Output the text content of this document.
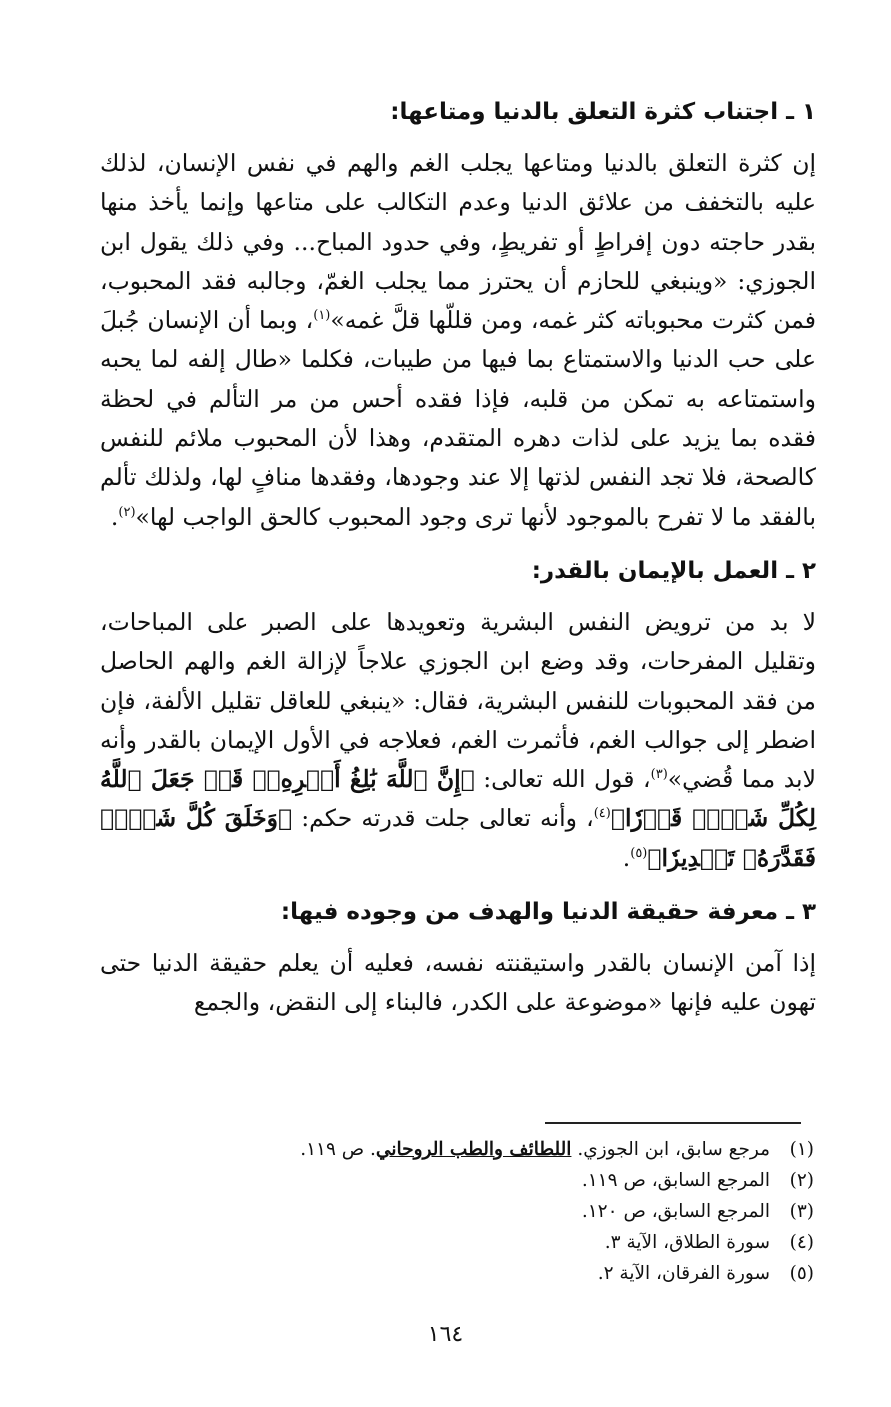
١ ـ اجتناب كثرة التعلق بالدنيا ومتاعها:

إن كثرة التعلق بالدنيا ومتاعها يجلب الغم والهم في نفس الإنسان، لذلك عليه بالتخفف من علائق الدنيا وعدم التكالب على متاعها وإنما يأخذ منها بقدر حاجته دون إفراطٍ أو تفريطٍ، وفي حدود المباح... وفي ذلك يقول ابن الجوزي: «وينبغي للحازم أن يحترز مما يجلب الغمّ، وجالبه فقد المحبوب، فمن كثرت محبوباته كثر غمه، ومن قللّها قلَّ غمه»$^{(١)}$، وبما أن الإنسان جُبلَ على حب الدنيا والاستمتاع بما فيها من طيبات، فكلما «طال إلفه لما يحبه واستمتاعه به تمكن من قلبه، فإذا فقده أحس من مر التألم في لحظة فقده بما يزيد على لذات دهره المتقدم، وهذا لأن المحبوب ملائم للنفس كالصحة، فلا تجد النفس لذتها إلا عند وجودها، وفقدها منافٍ لها، ولذلك تألم بالفقد ما لا تفرح بالموجود لأنها ترى وجود المحبوب كالحق الواجب لها»$^{(٢)}$.

٢ ـ العمل بالإيمان بالقدر:

لا بد من ترويض النفس البشرية وتعويدها على الصبر على المباحات، وتقليل المفرحات، وقد وضع ابن الجوزي علاجاً لإزالة الغم والهم الحاصل من فقد المحبوبات للنفس البشرية، فقال: «ينبغي للعاقل تقليل الألفة، فإن اضطر إلى جوالب الغم، فأثمرت الغم، فعلاجه في الأول الإيمان بالقدر وأنه لابد مما قُضي»$^{(٣)}$، قول الله تعالى: ﴿إِنَّ ٱللَّهَ بَٰلِغُ أَمۡرِهِۦۚ قَدۡ جَعَلَ ٱللَّهُ لِكُلِّ شَيۡءٖ قَدۡرٗا﴾$^{(٤)}$، وأنه تعالى جلت قدرته حكم: ﴿وَخَلَقَ كُلَّ شَيۡءٖ فَقَدَّرَهُۥ تَقۡدِيرٗا﴾$^{(٥)}$.

٣ ـ معرفة حقيقة الدنيا والهدف من وجوده فيها:

إذا آمن الإنسان بالقدر واستيقنته نفسه، فعليه أن يعلم حقيقة الدنيا حتى تهون عليه فإنها «موضوعة على الكدر، فالبناء إلى النقض، والجمع

(١)
مرجع سابق، ابن الجوزي. اللطائف والطب الروحاني. ص ١١٩.
(٢)
المرجع السابق، ص ١١٩.
(٣)
المرجع السابق، ص ١٢٠.
(٤)
سورة الطلاق، الآية ٣.
(٥)
سورة الفرقان، الآية ٢.
١٦٤
